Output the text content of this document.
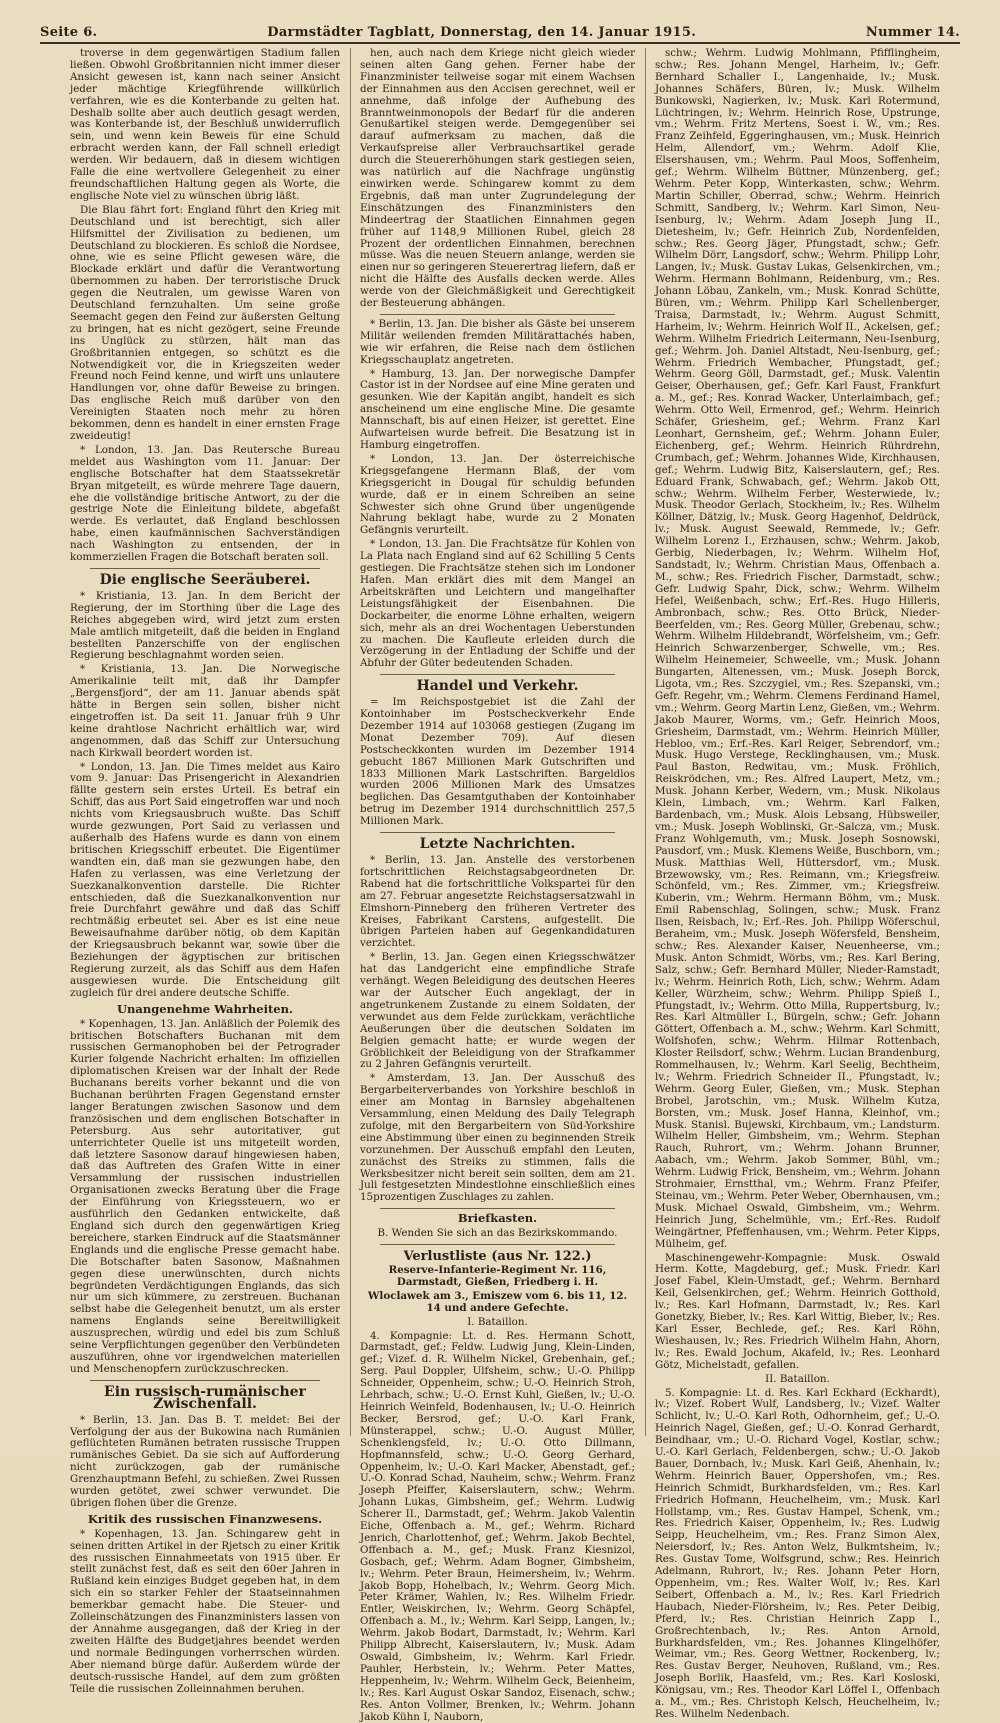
Seite 6.	Darmstädter Tagblatt, Donnerstag, den 14. Januar 1915.	Nummer 14.

troverse in dem gegenwärtigen Stadium fallen ließen. Obwohl Großbritannien nicht immer dieser Ansicht gewesen ist, kann nach seiner Ansicht jeder mächtige Kriegführende willkürlich verfahren, wie es die Konterbande zu gelten hat. Deshalb sollte aber auch deutlich gesagt werden, was Konterbande ist, der Beschluß unwiderruflich sein, und wenn kein Beweis für eine Schuld erbracht werden kann, der Fall schnell erledigt werden. Wir bedauern, daß in diesem wichtigen Falle die eine wertvollere Gelegenheit zu einer freundschaftlichen Haltung gegen als Worte, die englische Note viel zu wünschen übrig läßt.

Die Blau fährt fort: England führt den Krieg mit Deutschland und ist berechtigt, sich aller Hilfsmittel der Zivilisation zu bedienen, um Deutschland zu blockieren. Es schloß die Nordsee, ohne, wie es seine Pflicht gewesen wäre, die Blockade erklärt und dafür die Verantwortung übernommen zu haben. Der terroristische Druck gegen die Neutralen, um gewisse Waren von Deutschland fernzuhalten. Um seine große Seemacht gegen den Feind zur äußersten Geltung zu bringen, hat es nicht gezögert, seine Freunde ins Unglück zu stürzen, hält man das Großbritannien entgegen, so schützt es die Notwendigkeit vor, die in Kriegszeiten weder Freund noch Feind kenne, und wirft uns unlautere Handlungen vor, ohne dafür Beweise zu bringen. Das englische Reich muß darüber von den Vereinigten Staaten noch mehr zu hören bekommen, denn es handelt in einer ernsten Frage zweideutig!

* London, 13. Jan. Das Reutersche Bureau meldet aus Washington vom 11. Januar: Der englische Botschafter hat dem Staatssekretär Bryan mitgeteilt, es würde mehrere Tage dauern, ehe die vollständige britische Antwort, zu der die gestrige Note die Einleitung bildete, abgefaßt werde. Es verlautet, daß England beschlossen habe, einen kaufmännischen Sachverständigen nach Washington zu entsenden, der in kommerziellen Fragen die Botschaft beraten soll.

Die englische Seeräuberei.

* Kristiania, 13. Jan. In dem Bericht der Regierung, der im Storthing über die Lage des Reiches abgegeben wird, wird jetzt zum ersten Male amtlich mitgeteilt, daß die beiden in England bestellten Panzerschiffe von der englischen Regierung beschlagnahmt worden seien.

* Kristiania, 13. Jan. Die Norwegische Amerikalinie teilt mit, daß ihr Dampfer „Bergensfjord“, der am 11. Januar abends spät hätte in Bergen sein sollen, bisher nicht eingetroffen ist. Da seit 11. Januar früh 9 Uhr keine drahtlose Nachricht erhältlich war, wird angenommen, daß das Schiff zur Untersuchung nach Kirkwall beordert worden ist.

* London, 13. Jan. Die Times meldet aus Kairo vom 9. Januar: Das Prisengericht in Alexandrien fällte gestern sein erstes Urteil. Es betraf ein Schiff, das aus Port Said eingetroffen war und noch nichts vom Kriegsausbruch wußte. Das Schiff wurde gezwungen, Port Said zu verlassen und außerhalb des Hafens wurde es dann von einem britischen Kriegsschiff erbeutet. Die Eigentümer wandten ein, daß man sie gezwungen habe, den Hafen zu verlassen, was eine Verletzung der Suezkanalkonvention darstelle. Die Richter entschieden, daß die Suezkanalkonvention nur freie Durchfahrt gewähre und daß das Schiff rechtmäßig erbeutet sei. Aber es ist eine neue Beweisaufnahme darüber nötig, ob dem Kapitän der Kriegsausbruch bekannt war, sowie über die Beziehungen der ägyptischen zur britischen Regierung zurzeit, als das Schiff aus dem Hafen ausgewiesen wurde. Die Entscheidung gilt zugleich für drei andere deutsche Schiffe.

Unangenehme Wahrheiten.

* Kopenhagen, 13. Jan. Anläßlich der Polemik des britischen Botschafters Buchanan mit dem russischen Germanophoben bei der Petrograder Kurier folgende Nachricht erhalten: Im offiziellen diplomatischen Kreisen war der Inhalt der Rede Buchanans bereits vorher bekannt und die von Buchanan berührten Fragen Gegenstand ernster langer Beratungen zwischen Sasonow und dem französischen und dem englischen Botschafter in Petersburg. Aus sehr autoritativer, gut unterrichteter Quelle ist uns mitgeteilt worden, daß letztere Sasonow darauf hingewiesen haben, daß das Auftreten des Grafen Witte in einer Versammlung der russischen industriellen Organisationen zwecks Beratung über die Frage der Einführung von Kriegssteuern, wo er ausführlich den Gedanken entwickelte, daß England sich durch den gegenwärtigen Krieg bereichere, starken Eindruck auf die Staatsmänner Englands und die englische Presse gemacht habe. Die Botschafter baten Sasonow, Maßnahmen gegen diese unerwünschten, durch nichts begründeten Verdächtigungen Englands, das sich nur um sich kümmere, zu zerstreuen. Buchanan selbst habe die Gelegenheit benutzt, um als erster namens Englands seine Bereitwilligkeit auszusprechen, würdig und edel bis zum Schluß seine Verpflichtungen gegenüber den Verbündeten auszuführen, ohne vor irgendwelchen materiellen und Menschenopfern zurückzuschrecken.

Ein russisch-rumänischer Zwischenfall.

* Berlin, 13. Jan. Das B. T. meldet: Bei der Verfolgung der aus der Bukowina nach Rumänien geflüchteten Rumänen betraten russische Truppen rumänisches Gebiet. Da sie sich auf Aufforderung nicht zurückzogen, gab der rumänische Grenzhauptmann Befehl, zu schießen. Zwei Russen wurden getötet, zwei schwer verwundet. Die übrigen flohen über die Grenze.

Kritik des russischen Finanzwesens.

* Kopenhagen, 13. Jan. Schingarew geht in seinen dritten Artikel in der Rjetsch zu einer Kritik des russischen Einnahmeetats von 1915 über. Er stellt zunächst fest, daß es seit den 60er Jahren in Rußland kein einziges Budget gegeben hat, in dem sich ein so starker Fehler der Staatseinnahmen bemerkbar gemacht habe. Die Steuer- und Zolleinschätzungen des Finanzministers lassen von der Annahme ausgegangen, daß der Krieg in der zweiten Hälfte des Budgetjahres beendet werden und normale Bedingungen vorherrschen würden. Aber niemand bürge dafür. Außerdem würde der deutsch-russische Handel, auf dem zum größten Teile die russischen Zolleinnahmen beruhen.

hen, auch nach dem Kriege nicht gleich wieder seinen alten Gang gehen. Ferner habe der Finanzminister teilweise sogar mit einem Wachsen der Einnahmen aus den Accisen gerechnet, weil er annehme, daß infolge der Aufhebung des Branntweinmonopols der Bedarf für die anderen Genußartikel steigen werde. Demgegenüber sei darauf aufmerksam zu machen, daß die Verkaufspreise aller Verbrauchsartikel gerade durch die Steuererhöhungen stark gestiegen seien, was natürlich auf die Nachfrage ungünstig einwirken werde. Schingarew kommt zu dem Ergebnis, daß man unter Zugrundelegung der Einschätzungen des Finanzministers den Mindeertrag der Staatlichen Einnahmen gegen früher auf 1148,9 Millionen Rubel, gleich 28 Prozent der ordentlichen Einnahmen, berechnen müsse. Was die neuen Steuern anlange, werden sie einen nur so geringeren Steuerertrag liefern, daß er nicht die Hälfte des Ausfalls decken werde. Alles werde von der Gleichmäßigkeit und Gerechtigkeit der Besteuerung abhängen.

* Berlin, 13. Jan. Die bisher als Gäste bei unserem Militär weilenden fremden Militärattachés haben, wie wir erfahren, die Reise nach dem östlichen Kriegsschauplatz angetreten.

* Hamburg, 13. Jan. Der norwegische Dampfer Castor ist in der Nordsee auf eine Mine geraten und gesunken. Wie der Kapitän angibt, handelt es sich anscheinend um eine englische Mine. Die gesamte Mannschaft, bis auf einen Heizer, ist gerettet. Eine Aufwarteisen wurde befreit. Die Besatzung ist in Hamburg eingetroffen.

* London, 13. Jan. Der österreichische Kriegsgefangene Hermann Blaß, der vom Kriegsgericht in Dougal für schuldig befunden wurde, daß er in einem Schreiben an seine Schwester sich ohne Grund über ungenügende Nahrung beklagt habe, wurde zu 2 Monaten Gefängnis verurteilt.

* London, 13. Jan. Die Frachtsätze für Kohlen von La Plata nach England sind auf 62 Schilling 5 Cents gestiegen. Die Frachtsätze stehen sich im Londoner Hafen. Man erklärt dies mit dem Mangel an Arbeitskräften und Leichtern und mangelhafter Leistungsfähigkeit der Eisenbahnen. Die Dockarbeiter, die enorme Löhne erhalten, weigern sich, mehr als an drei Wochentagen Ueberstunden zu machen. Die Kaufleute erleiden durch die Verzögerung in der Entladung der Schiffe und der Abfuhr der Güter bedeutenden Schaden.

Handel und Verkehr.

= Im Reichspostgebiet ist die Zahl der Kontoinhaber im Postscheckverkehr Ende Dezember 1914 auf 103068 gestiegen (Zugang im Monat Dezember 709). Auf diesen Postscheckkonten wurden im Dezember 1914 gebucht 1867 Millionen Mark Gutschriften und 1833 Millionen Mark Lastschriften. Bargeldlos wurden 2006 Millionen Mark des Umsatzes beglichen. Das Gesamtguthaben der Kontoinhaber betrug im Dezember 1914 durchschnittlich 257,5 Millionen Mark.

Letzte Nachrichten.

* Berlin, 13. Jan. Anstelle des verstorbenen fortschrittlichen Reichstagsabgeordneten Dr. Rabend hat die fortschrittliche Volkspartei für den am 27. Februar angesetzte Reichstagsersatzwahl in Elmshorn-Pinneberg den früheren Vertreter des Kreises, Fabrikant Carstens, aufgestellt. Die übrigen Parteien haben auf Gegenkandidaturen verzichtet.

* Berlin, 13. Jan. Gegen einen Kriegsschwätzer hat das Landgericht eine empfindliche Strafe verhängt. Wegen Beleidigung des deutschen Heeres war der Autscher Euch angeklagt, der in angetrunkenem Zustande zu einem Soldaten, der verwundet aus dem Felde zurückkam, verächtliche Aeußerungen über die deutschen Soldaten im Belgien gemacht hatte; er wurde wegen der Gröblichkeit der Beleidigung von der Strafkammer zu 2 Jahren Gefängnis verurteilt.

* Amsterdam, 13. Jan. Der Ausschuß des Bergarbeiterverbandes von Yorkshire beschloß in einer am Montag in Barnsley abgehaltenen Versammlung, einen Meldung des Daily Telegraph zufolge, mit den Bergarbeitern von Süd-Yorkshire eine Abstimmung über einen zu beginnenden Streik vorzunehmen. Der Ausschuß empfahl den Leuten, zunächst des Streiks zu stimmen, falls die Werksbesitzer nicht bereit sein sollten, dem am 21. Juli festgesetzten Mindestlohne einschließlich eines 15prozentigen Zuschlages zu zahlen.

Briefkasten.

B. Wenden Sie sich an das Bezirkskommando.

Verlustliste (aus Nr. 122.)

Reserve-Infanterie-Regiment Nr. 116, Darmstadt, Gießen, Friedberg i. H.

Wloclawek am 3., Emiszew vom 6. bis 11, 12. 14 und andere Gefechte.

I. Bataillon.

4. Kompagnie: Lt. d. Res. Hermann Schott, Darmstadt, gef.; Feldw. Ludwig Jung, Klein-Linden, gef.; Vizef. d. R. Wilhelm Nickel, Grebenhain, gef.; Serg. Paul Doppler, Ulfsheim, schw.; U.-O. Philipp Schneider, Oppenheim, schw.; U.-O. Heinrich Stroh, Lehrbach, schw.; U.-O. Ernst Kuhl, Gießen, lv.; U.-O. Heinrich Weinfeld, Bodenhausen, lv.; U.-O. Heinrich Becker, Bersrod, gef.; U.-O. Karl Frank, Münsterappel, schw.; U.-O. August Müller, Schenklengsfeld, lv.; U.-O. Otto Dillmann, Hopfmannsfeld, schw.; U.-O. Georg Gerhard, Oppenheim, lv.; U.-O. Karl Macker, Abenstadt, gef.; U.-O. Konrad Schad, Nauheim, schw.; Wehrm. Franz Joseph Pfeiffer, Kaiserslautern, schw.; Wehrm. Johann Lukas, Gimbsheim, gef.; Wehrm. Ludwig Scherer II., Darmstadt, gef.; Wehrm. Jakob Valentin Eiche, Offenbach a. M., gef.; Wehrm. Richard Jenrich, Charlottenhof, gef.; Wehrm. Jakob Bechtel, Offenbach a. M., gef.; Musk. Franz Kiesnizol, Gosbach, gef.; Wehrm. Adam Bogner, Gimbsheim, lv.; Wehrm. Peter Braun, Heimersheim, lv.; Wehrm. Jakob Bopp, Hohelbach, lv.; Wehrm. Georg Mich. Peter Krämer, Wahlen, lv.; Res. Wilhelm Friedr. Entler, Weiskirchen, lv.; Wehrm. Georg Schäpfel, Offenbach a. M., lv.; Wehrm. Karl Seipp, Langen, lv.; Wehrm. Jakob Bodart, Darmstadt, lv.; Wehrm. Karl Philipp Albrecht, Kaiserslautern, lv.; Musk. Adam Oswald, Gimbsheim, lv.; Wehrm. Karl Friedr. Pauhler, Herbstein, lv.; Wehrm. Peter Mattes, Heppenheim, lv.; Wehrm. Wilhelm Geck, Beienheim, lv.; Res. Karl August Oskar Sandoz, Eisenach, schw.; Res. Anton Vollmer, Brenken, lv.; Wehrm. Johann Jakob Kühn I, Nauborn,

schw.; Wehrm. Ludwig Mohlmann, Pfifflingheim, schw.; Res. Johann Mengel, Harheim, lv.; Gefr. Bernhard Schaller I., Langenhaide, lv.; Musk. Johannes Schäfers, Büren, lv.; Musk. Wilhelm Bunkowski, Nagierken, lv.; Musk. Karl Rotermund, Lüchtringen, lv.; Wehrm. Heinrich Rose, Upstrunge, vm.; Wehrm. Fritz Mertens, Soest i. W., vm.; Res. Franz Zeihfeld, Eggeringhausen, vm.; Musk. Heinrich Helm, Allendorf, vm.; Wehrm. Adolf Klie, Elsershausen, vm.; Wehrm. Paul Moos, Soffenheim, gef.; Wehrm. Wilhelm Büttner, Münzenberg, gef.; Wehrm. Peter Kopp, Winterkasten, schw.; Wehrm. Martin Schiller, Oberrad, schw.; Wehrm. Heinrich Schmitt, Sandberg, lv.; Wehrm. Karl Simon, Neu-Isenburg, lv.; Wehrm. Adam Joseph Jung II., Dietesheim, lv.; Gefr. Heinrich Zub, Nordenfelden, schw.; Res. Georg Jäger, Pfungstadt, schw.; Gefr. Wilhelm Dörr, Langsdorf, schw.; Wehrm. Philipp Lohr, Langen, lv.; Musk. Gustav Lukas, Gelsenkirchen, vm.; Wehrm. Hermann Bohlmann, Reidenburg, vm.; Res. Johann Löbau, Zankeln, vm.; Musk. Konrad Schütte, Büren, vm.; Wehrm. Philipp Karl Schellenberger, Traisa, Darmstadt, lv.; Wehrm. August Schmitt, Harheim, lv.; Wehrm. Heinrich Wolf II., Ackelsen, gef.; Wehrm. Wilhelm Friedrich Leitermann, Neu-Isenburg, gef.; Wehrm. Joh. Daniel Altstadt, Neu-Isenburg, gef.; Wehrm. Friedrich Wembacher, Pfungstadt, gef.; Wehrm. Georg Göll, Darmstadt, gef.; Musk. Valentin Geiser, Oberhausen, gef.; Gefr. Karl Faust, Frankfurt a. M., gef.; Res. Konrad Wacker, Unterlaimbach, gef.; Wehrm. Otto Weil, Ermenrod, gef.; Wehrm. Heinrich Schäfer, Griesheim, gef.; Wehrm. Franz Karl Leonhart, Gernsheim, gef.; Wehrm. Johann Euler, Eichenberg, gef.; Wehrm. Heinrich Rührdrehn, Crumbach, gef.; Wehrm. Johannes Wide, Kirchhausen, gef.; Wehrm. Ludwig Bitz, Kaiserslautern, gef.; Res. Eduard Frank, Schwabach, gef.; Wehrm. Jakob Ott, schw.; Wehrm. Wilhelm Ferber, Westerwiede, lv.; Musk. Theodor Gerlach, Stockheim, lv.; Res. Wilhelm Köllner, Dätzig, lv.; Musk. Georg Hagenhof, Deldrück, lv.; Musk. August Seewald, Remmede, lv.; Gefr. Wilhelm Lorenz I., Erzhausen, schw.; Wehrm. Jakob, Gerbig, Niederbagen, lv.; Wehrm. Wilhelm Hof, Sandstadt, lv.; Wehrm. Christian Maus, Offenbach a. M., schw.; Res. Friedrich Fischer, Darmstadt, schw.; Gefr. Ludwig Spahr, Dick, schw.; Wehrm. Wilhelm Hefel, Weißenbach, schw.; Erf.-Res. Hugo Hilleris, Ambronbach, schw.; Res. Otto Brück, Nieder-Beerfelden, vm.; Res. Georg Müller, Grebenau, schw.; Wehrm. Wilhelm Hildebrandt, Wörfelsheim, vm.; Gefr. Heinrich Schwarzenberger, Schwelle, vm.; Res. Wilhelm Heinemeier, Schweelle, vm.; Musk. Johann Bungarten, Altenessen, vm.; Musk. Joseph Borck, Ligota, vm.; Res. Szczygiel, vm.; Res. Szepanski, vm.; Gefr. Regehr, vm.; Wehrm. Clemens Ferdinand Hamel, vm.; Wehrm. Georg Martin Lenz, Gießen, vm.; Wehrm. Jakob Maurer, Worms, vm.; Gefr. Heinrich Moos, Griesheim, Darmstadt, vm.; Wehrm. Heinrich Müller, Hebloo, vm.; Erf.-Res. Karl Reiger, Sebrendorf, vm.; Musk. Hugo Verstege, Recklinghausen, vm.; Musk. Paul Baston, Redwitau, vm.; Musk. Fröhlich, Reiskrödchen, vm.; Res. Alfred Laupert, Metz, vm.; Musk. Johann Kerber, Wedern, vm.; Musk. Nikolaus Klein, Limbach, vm.; Wehrm. Karl Falken, Bardenbach, vm.; Musk. Alois Lebsang, Hübsweiler, vm.; Musk. Joseph Woblinski, Gr.-Salcza, vm.; Musk. Franz Wohlgemuth, vm.; Musk. Joseph Sosnowski, Pausdorf, vm.; Musk. Klemens Weiße, Buschborn, vm.; Musk. Matthias Well, Hüttersdorf, vm.; Musk. Brzewowsky, vm.; Res. Reimann, vm.; Kriegsfreiw. Schönfeld, vm.; Res. Zimmer, vm.; Kriegsfreiw. Kuberin, vm.; Wehrm. Hermann Böhm, vm.; Musk. Emil Rabenschlag, Solingen, schw.; Musk. Franz Ilsen, Reisbach, lv.; Erf.-Res. Joh. Philipp Wöferschul, Beraheim, vm.; Musk. Joseph Wöfersfeld, Bensheim, schw.; Res. Alexander Kaiser, Neuenheerse, vm.; Musk. Anton Schmidt, Wörbs, vm.; Res. Karl Bering, Salz, schw.; Gefr. Bernhard Müller, Nieder-Ramstadt, lv.; Wehrm. Heinrich Roth, Lich, schw.; Wehrm. Adam Keller, Würzheim, schw.; Wehrm. Philipp Spieß I., Pfungstadt, lv.; Wehrm. Otto Milla, Ruppertsburg, lv.; Res. Karl Altmüller I., Bürgeln, schw.; Gefr. Johann Göttert, Offenbach a. M., schw.; Wehrm. Karl Schmitt, Wolfshofen, schw.; Wehrm. Hilmar Rottenbach, Kloster Reilsdorf, schw.; Wehrm. Lucian Brandenburg, Rommelhausen, lv.; Wehrm. Karl Seelig, Bechtheim, lv.; Wehrm. Friedrich Schneider II., Pfungstadt, lv.; Wehrm. Georg Euler, Gießen, vm.; Musk. Stephan Brobel, Jarotschin, vm.; Musk. Wilhelm Kutza, Borsten, vm.; Musk. Josef Hanna, Kleinhof, vm.; Musk. Stanisl. Bujewski, Kirchbaum, vm.; Landsturm. Wilhelm Heller, Gimbsheim, vm.; Wehrm. Stephan Rauch, Ruhrort, vm.; Wehrm. Johann Brunner, Aabach, vm.; Wehrm. Jakob Sommer, Bühl, vm.; Wehrm. Ludwig Frick, Bensheim, vm.; Wehrm. Johann Strohmaier, Ernstthal, vm.; Wehrm. Franz Pfeifer, Steinau, vm.; Wehrm. Peter Weber, Obernhausen, vm.; Musk. Michael Oswald, Gimbsheim, vm.; Wehrm. Heinrich Jung, Schelmühle, vm.; Erf.-Res. Rudolf Weingärtner, Pfeffenhausen, vm.; Wehrm. Peter Kipps, Mülheim, gef.

Maschinengewehr-Kompagnie: Musk. Oswald Herm. Kotte, Magdeburg, gef.; Musk. Friedr. Karl Josef Fabel, Klein-Umstadt, gef.; Wehrm. Bernhard Keil, Gelsenkirchen, gef.; Wehrm. Heinrich Gotthold, lv.; Res. Karl Hofmann, Darmstadt, lv.; Res. Karl Gonetzky, Bieber, lv.; Res. Karl Wittig, Bieber, lv.; Res. Karl Esser, Bechlede, gef.; Res. Karl Röhn, Wieshausen, lv.; Res. Friedrich Wilhelm Hahn, Ahorn, lv.; Res. Ewald Jochum, Akafeld, lv.; Res. Leonhard Götz, Michelstadt, gefallen.

II. Bataillon.

5. Kompagnie: Lt. d. Res. Karl Eckhard (Eckhardt), lv.; Vizef. Robert Wulf, Landsberg, lv.; Vizef. Walter Schlicht, lv.; U.-O. Karl Roth, Odhornheim, gef.; U.-O. Heinrich Nagel, Gießen, gef.; U.-O. Konrad Gerhardt, Beindhaar, vm.; U.-O. Richard Vogel, Kostlar, schw.; U.-O. Karl Gerlach, Feldenbergen, schw.; U.-O. Jakob Bauer, Dornbach, lv.; Musk. Karl Geiß, Ahenhain, lv.; Wehrm. Heinrich Bauer, Oppershofen, vm.; Res. Heinrich Schmidt, Burkhardsfelden, vm.; Res. Karl Friedrich Hofmann, Heuchelheim, vm.; Musk. Karl Hollstamp, vm.; Res. Gustav Hampel, Schenk, vm.; Res. Friedrich Kaiser, Oppenheim, lv.; Res. Ludwig Seipp, Heuchelheim, vm.; Res. Franz Simon Alex, Neiersdorf, lv.; Res. Anton Welz, Bulkmtsheim, lv.; Res. Gustav Tome, Wolfsgrund, schw.; Res. Heinrich Adelmann, Ruhrort, lv.; Res. Johann Peter Horn, Oppenheim, vm.; Res. Walter Wolf, lv.; Res. Karl Seibert, Offenbach a. M., lv.; Res. Karl Friedrich Haubach, Nieder-Flörsheim, lv.; Res. Peter Deibig, Pferd, lv.; Res. Christian Heinrich Zapp I., Großrechtenbach, lv.; Res. Anton Arnold, Burkhardsfelden, vm.; Res. Johannes Klingelhöfer, Weimar, vm.; Res. Georg Wettner, Rockenberg, lv.; Res. Gustav Berger, Neuhoven, Rußland, vm.; Res. Joseph Borlik, Haasfeld, vm.; Res. Karl Kosloski, Königsau, vm.; Res. Theodor Karl Löffel I., Offenbach a. M., vm.; Res. Christoph Kelsch, Heuchelheim, lv.; Res. Wilhelm Nedenbach.
